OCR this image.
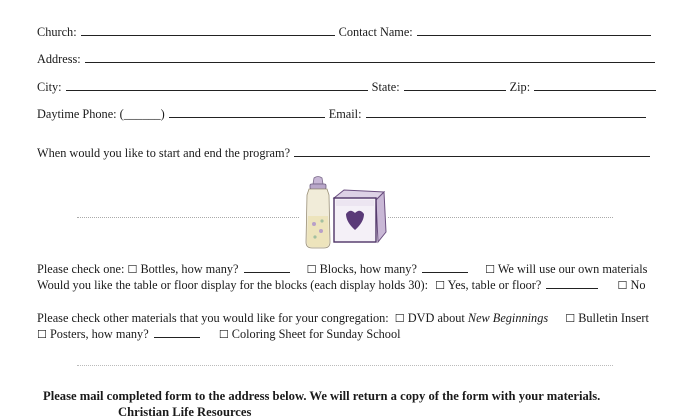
Church:	Contact Name:
Address:
City:	State:	Zip:
Daytime Phone: (______)	Email:
When would you like to start and end the program?
Please check one: ☐ Bottles, how many?	☐ Blocks, how many?	☐ We will use our own materials
Would you like the table or floor display for the blocks (each display holds 30): ☐ Yes, table or floor?	☐ No
Please check other materials that you would like for your congregation: ☐ DVD about New Beginnings ☐ Bulletin Insert
☐ Posters, how many?	☐ Coloring Sheet for Sunday School
Please mail completed form to the address below. We will return a copy of the form with your materials.
Christian Life Resources
